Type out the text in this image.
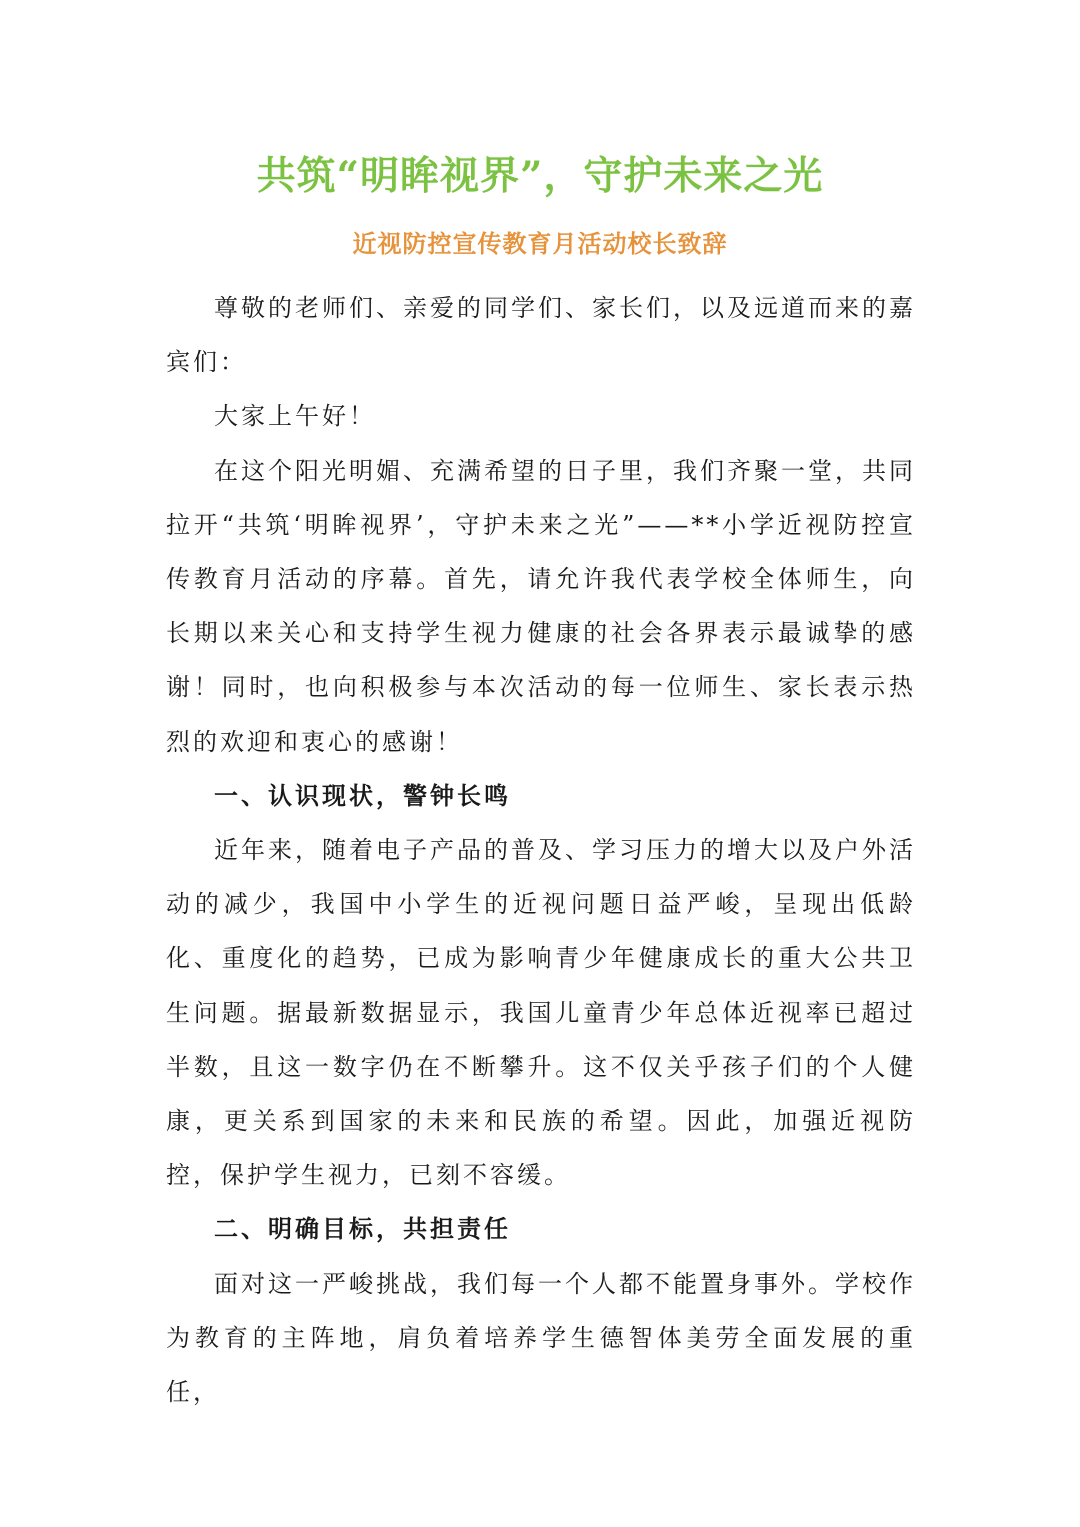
共筑“明眸视界”，守护未来之光
近视防控宣传教育月活动校长致辞

尊敬的老师们、亲爱的同学们、家长们，以及远道而来的嘉宾们：

大家上午好！

在这个阳光明媚、充满希望的日子里，我们齐聚一堂，共同拉开“共筑‘明眸视界’，守护未来之光”——**小学近视防控宣传教育月活动的序幕。首先，请允许我代表学校全体师生，向长期以来关心和支持学生视力健康的社会各界表示最诚挚的感谢！同时，也向积极参与本次活动的每一位师生、家长表示热烈的欢迎和衷心的感谢！

一、认识现状，警钟长鸣

近年来，随着电子产品的普及、学习压力的增大以及户外活动的减少，我国中小学生的近视问题日益严峻，呈现出低龄化、重度化的趋势，已成为影响青少年健康成长的重大公共卫生问题。据最新数据显示，我国儿童青少年总体近视率已超过半数，且这一数字仍在不断攀升。这不仅关乎孩子们的个人健康，更关系到国家的未来和民族的希望。因此，加强近视防控，保护学生视力，已刻不容缓。

二、明确目标，共担责任

面对这一严峻挑战，我们每一个人都不能置身事外。学校作为教育的主阵地，肩负着培养学生德智体美劳全面发展的重任，
